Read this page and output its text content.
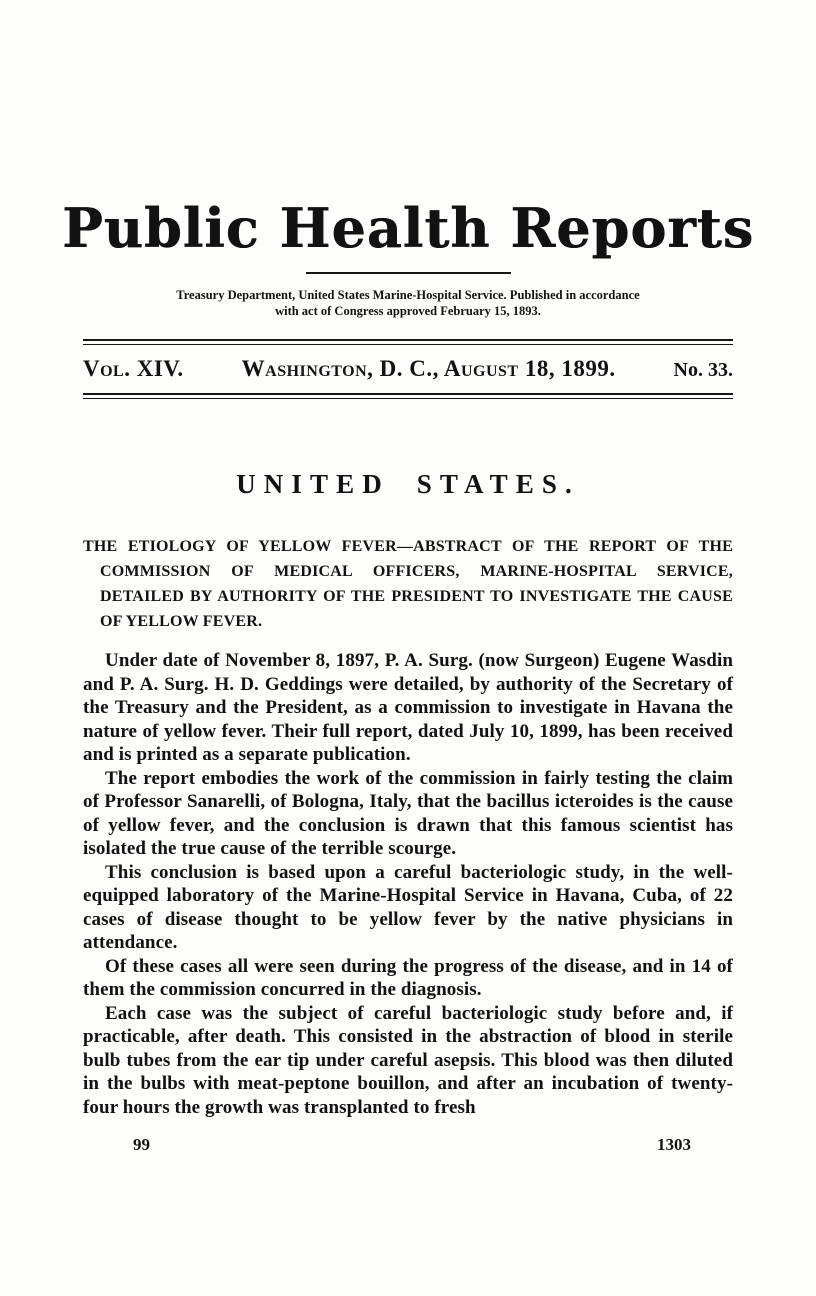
Public Health Reports
Treasury Department, United States Marine-Hospital Service. Published in accordance
with act of Congress approved February 15, 1893.
Vol. XIV.	Washington, D. C., August 18, 1899.	No. 33.
UNITED STATES.

THE ETIOLOGY OF YELLOW FEVER—ABSTRACT OF THE REPORT OF THE COMMISSION OF MEDICAL OFFICERS, MARINE-HOSPITAL SERVICE, DETAILED BY AUTHORITY OF THE PRESIDENT TO INVESTIGATE THE CAUSE OF YELLOW FEVER.

Under date of November 8, 1897, P. A. Surg. (now Surgeon) Eugene Wasdin and P. A. Surg. H. D. Geddings were detailed, by authority of the Secretary of the Treasury and the President, as a commission to investigate in Havana the nature of yellow fever. Their full report, dated July 10, 1899, has been received and is printed as a separate publication.

The report embodies the work of the commission in fairly testing the claim of Professor Sanarelli, of Bologna, Italy, that the bacillus icteroides is the cause of yellow fever, and the conclusion is drawn that this famous scientist has isolated the true cause of the terrible scourge.

This conclusion is based upon a careful bacteriologic study, in the well-equipped laboratory of the Marine-Hospital Service in Havana, Cuba, of 22 cases of disease thought to be yellow fever by the native physicians in attendance.

Of these cases all were seen during the progress of the disease, and in 14 of them the commission concurred in the diagnosis.

Each case was the subject of careful bacteriologic study before and, if practicable, after death. This consisted in the abstraction of blood in sterile bulb tubes from the ear tip under careful asepsis. This blood was then diluted in the bulbs with meat-peptone bouillon, and after an incubation of twenty-four hours the growth was transplanted to fresh

99	1303
